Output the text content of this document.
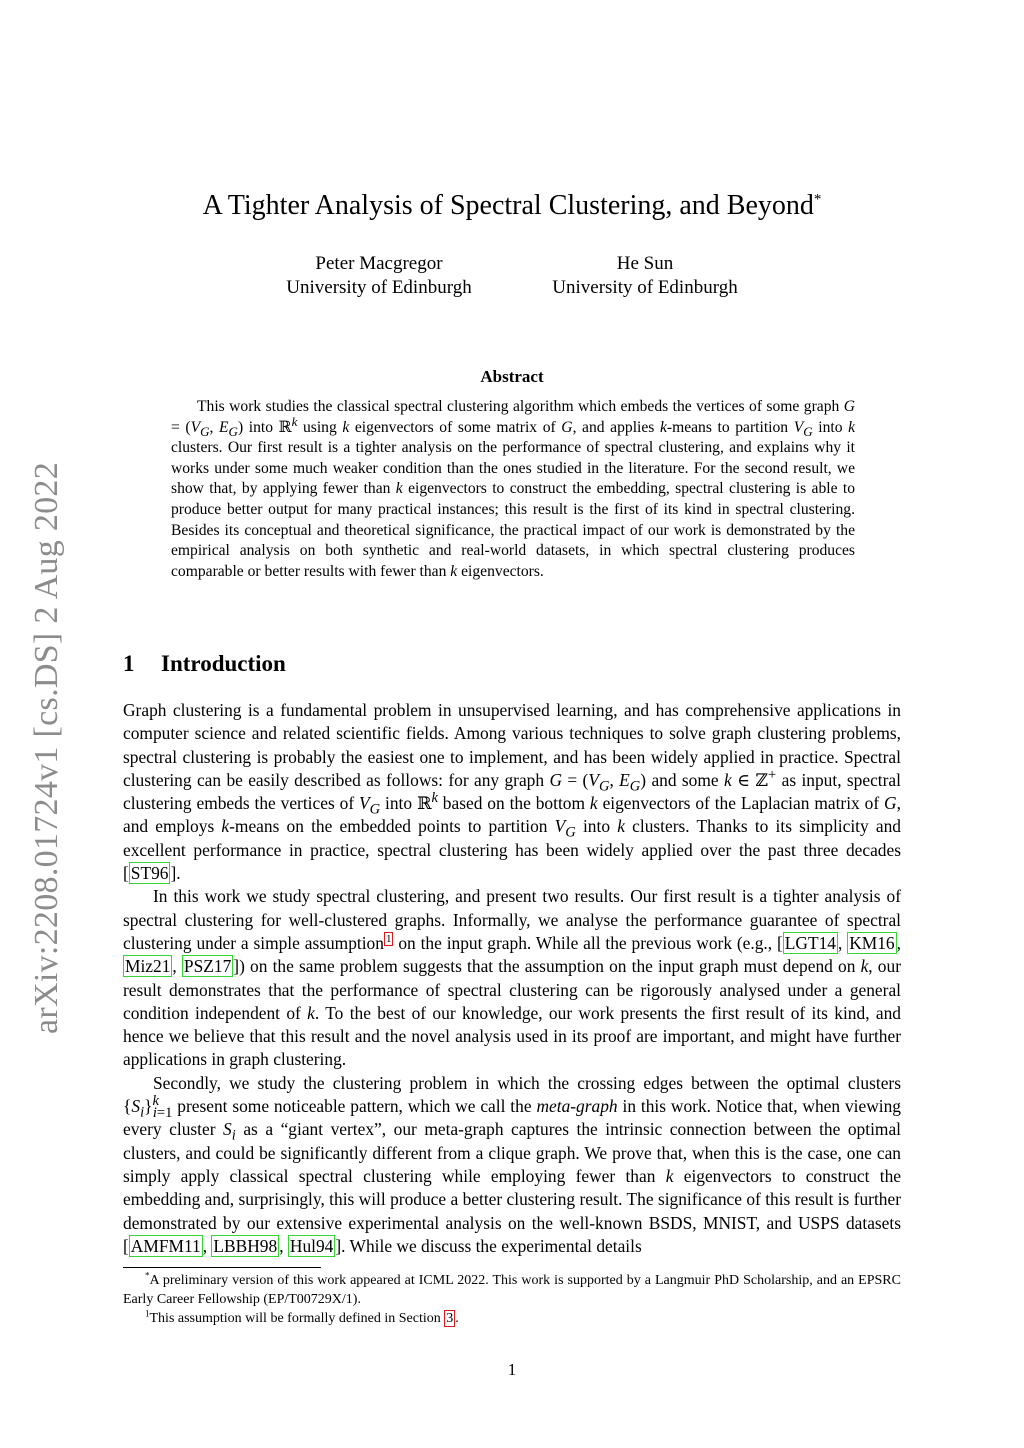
arXiv:2208.01724v1 [cs.DS] 2 Aug 2022
A Tighter Analysis of Spectral Clustering, and Beyond*
Peter Macgregor
University of Edinburgh
He Sun
University of Edinburgh
Abstract

This work studies the classical spectral clustering algorithm which embeds the vertices of some graph $G = (V_G$, $E_G$) into ℝ$^k$ using k eigenvectors of some matrix of G, and applies k-means to partition $V_G$ into k clusters. Our first result is a tighter analysis on the performance of spectral clustering, and explains why it works under some much weaker condition than the ones studied in the literature. For the second result, we show that, by applying fewer than k eigenvectors to construct the embedding, spectral clustering is able to produce better output for many practical instances; this result is the first of its kind in spectral clustering. Besides its conceptual and theoretical significance, the practical impact of our work is demonstrated by the empirical analysis on both synthetic and real-world datasets, in which spectral clustering produces comparable or better results with fewer than k eigenvectors.

1 Introduction

Graph clustering is a fundamental problem in unsupervised learning, and has comprehensive applications in computer science and related scientific fields. Among various techniques to solve graph clustering problems, spectral clustering is probably the easiest one to implement, and has been widely applied in practice. Spectral clustering can be easily described as follows: for any graph $G = (V_G$, $E_G$) and some k ∈ ℤ+ as input, spectral clustering embeds the vertices of $V_G$ into ℝ$^k$ based on the bottom k eigenvectors of the Laplacian matrix of G, and employs k-means on the embedded points to partition $V_G$ into k clusters. Thanks to its simplicity and excellent performance in practice, spectral clustering has been widely applied over the past three decades [ ST96 ].

In this work we study spectral clustering, and present two results. Our first result is a tighter analysis of spectral clustering for well-clustered graphs. Informally, we analyse the performance guarantee of spectral clustering under a simple assumption $^1$ on the input graph. While all the previous work (e.g., [ LGT14 , KM16 , Miz21 , PSZ17 ]) on the same problem suggests that the assumption on the input graph must depend on k, our result demonstrates that the performance of spectral clustering can be rigorously analysed under a general condition independent of k. To the best of our knowledge, our work presents the first result of its kind, and hence we believe that this result and the novel analysis used in its proof are important, and might have further applications in graph clustering.

Secondly, we study the clustering problem in which the crossing edges between the optimal clusters $\{S_i\}^k_{i=1}$ present some noticeable pattern, which we call the meta-graph in this work. Notice that, when viewing every cluster $S_i$ as a “giant vertex”, our meta-graph captures the intrinsic connection between the optimal clusters, and could be significantly different from a clique graph. We prove that, when this is the case, one can simply apply classical spectral clustering while employing fewer than k eigenvectors to construct the embedding and, surprisingly, this will produce a better clustering result. The significance of this result is further demonstrated by our extensive experimental analysis on the well-known BSDS, MNIST, and USPS datasets [ AMFM11 , LBBH98 , Hul94 ]. While we discuss the experimental details

*A preliminary version of this work appeared at ICML 2022. This work is supported by a Langmuir PhD Scholarship, and an EPSRC Early Career Fellowship (EP/T00729X/1).

$^1$This assumption will be formally defined in Section 3 .

1
